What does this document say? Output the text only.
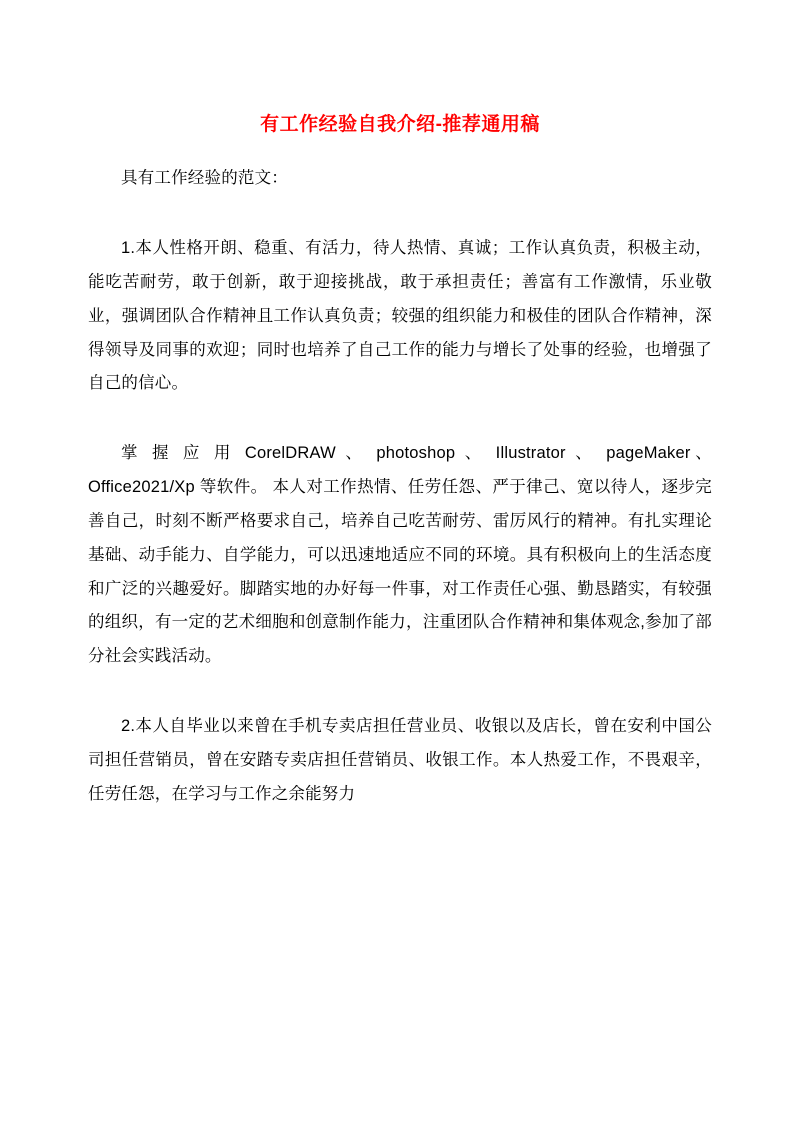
有工作经验自我介绍-推荐通用稿

具有工作经验的范文：

1.本人性格开朗、稳重、有活力，待人热情、真诚；工作认真负责，积极主动，能吃苦耐劳，敢于创新，敢于迎接挑战，敢于承担责任；善富有工作激情，乐业敬业，强调团队合作精神且工作认真负责；较强的组织能力和极佳的团队合作精神，深得领导及同事的欢迎；同时也培养了自己工作的能力与增长了处事的经验，也增强了自己的信心。

掌 握 应 用 CorelDRAW 、 photoshop 、 Illustrator 、 pageMaker、Office2021/Xp 等软件。 本人对工作热情、任劳任怨、严于律己、宽以待人，逐步完善自己，时刻不断严格要求自己，培养自己吃苦耐劳、雷厉风行的精神。有扎实理论基础、动手能力、自学能力，可以迅速地适应不同的环境。具有积极向上的生活态度和广泛的兴趣爱好。脚踏实地的办好每一件事，对工作责任心强、勤恳踏实，有较强的组织，有一定的艺术细胞和创意制作能力，注重团队合作精神和集体观念,参加了部分社会实践活动。

2.本人自毕业以来曾在手机专卖店担任营业员、收银以及店长，曾在安利中国公司担任营销员，曾在安踏专卖店担任营销员、收银工作。本人热爱工作，不畏艰辛，任劳任怨，在学习与工作之余能努力
